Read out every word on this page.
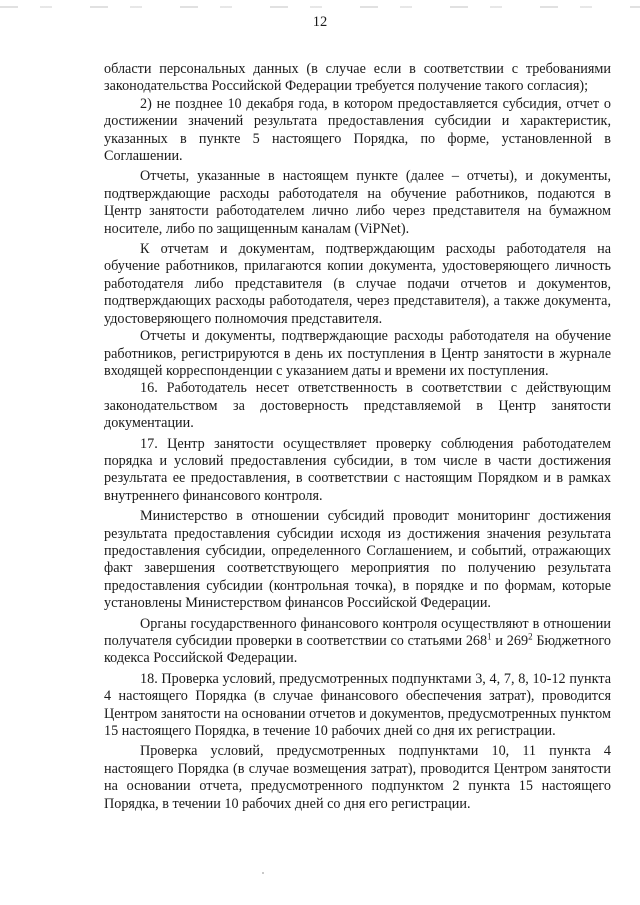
12

области персональных данных (в случае если в соответствии с требованиями законодательства Российской Федерации требуется получение такого согласия);

2) не позднее 10 декабря года, в котором предоставляется субсидия, отчет о достижении значений результата предоставления субсидии и характеристик, указанных в пункте 5 настоящего Порядка, по форме, установленной в Соглашении.

Отчеты, указанные в настоящем пункте (далее – отчеты), и документы, подтверждающие расходы работодателя на обучение работников, подаются в Центр занятости работодателем лично либо через представителя на бумажном носителе, либо по защищенным каналам (ViPNet).

К отчетам и документам, подтверждающим расходы работодателя на обучение работников, прилагаются копии документа, удостоверяющего личность работодателя либо представителя (в случае подачи отчетов и документов, подтверждающих расходы работодателя, через представителя), а также документа, удостоверяющего полномочия представителя.

Отчеты и документы, подтверждающие расходы работодателя на обучение работников, регистрируются в день их поступления в Центр занятости в журнале входящей корреспонденции с указанием даты и времени их поступления.

16. Работодатель несет ответственность в соответствии с действующим законодательством за достоверность представляемой в Центр занятости документации.

17. Центр занятости осуществляет проверку соблюдения работодателем порядка и условий предоставления субсидии, в том числе в части достижения результата ее предоставления, в соответствии с настоящим Порядком и в рамках внутреннего финансового контроля.

Министерство в отношении субсидий проводит мониторинг достижения результата предоставления субсидии исходя из достижения значения результата предоставления субсидии, определенного Соглашением, и событий, отражающих факт завершения соответствующего мероприятия по получению результата предоставления субсидии (контрольная точка), в порядке и по формам, которые установлены Министерством финансов Российской Федерации.

Органы государственного финансового контроля осуществляют в отношении получателя субсидии проверки в соответствии со статьями $268^1$ и $269^2$ Бюджетного кодекса Российской Федерации.

18. Проверка условий, предусмотренных подпунктами 3, 4, 7, 8, 10-12 пункта 4 настоящего Порядка (в случае финансового обеспечения затрат), проводится Центром занятости на основании отчетов и документов, предусмотренных пунктом 15 настоящего Порядка, в течение 10 рабочих дней со дня их регистрации.

Проверка условий, предусмотренных подпунктами 10, 11 пункта 4 настоящего Порядка (в случае возмещения затрат), проводится Центром занятости на основании отчета, предусмотренного подпунктом 2 пункта 15 настоящего Порядка, в течении 10 рабочих дней со дня его регистрации.
